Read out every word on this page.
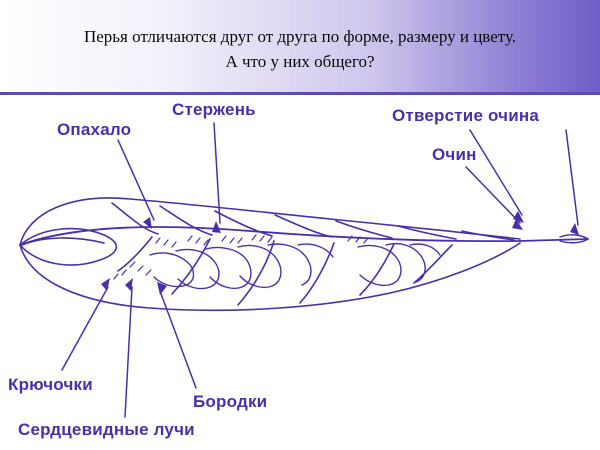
Перья отличаются друг от друга по форме, размеру и цвету.
А что у них общего?
Опахало
Стержень	Отверстие очина
Очин
Крючочки
Бородки
Сердцевидные лучи
